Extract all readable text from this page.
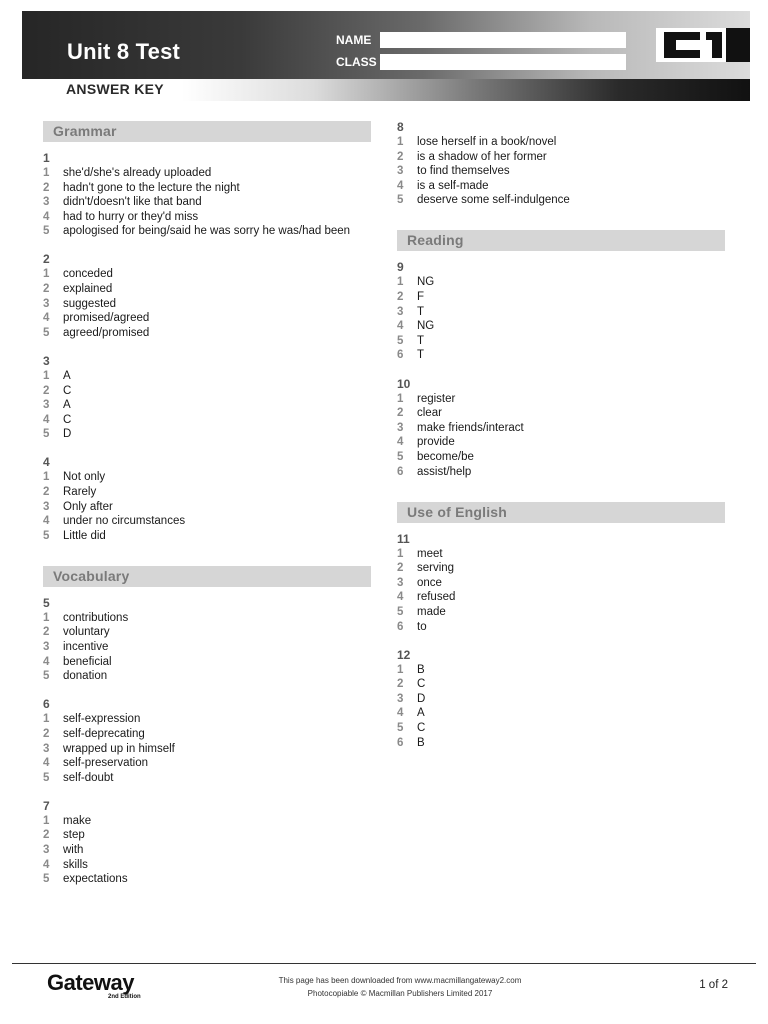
Unit 8 Test	NAME
CLASS	C1
ANSWER KEY
Grammar
1
1	she'd/she's already uploaded
2	hadn't gone to the lecture the night
3	didn't/doesn't like that band
4	had to hurry or they'd miss
5	apologised for being/said he was sorry he was/had been
2
1	conceded
2	explained
3	suggested
4	promised/agreed
5	agreed/promised
3
1	A
2	C
3	A
4	C
5	D
4
1	Not only
2	Rarely
3	Only after
4	under no circumstances
5	Little did
Vocabulary
5
1	contributions
2	voluntary
3	incentive
4	beneficial
5	donation
6
1	self-expression
2	self-deprecating
3	wrapped up in himself
4	self-preservation
5	self-doubt
7
1	make
2	step
3	with
4	skills
5	expectations
8
1	lose herself in a book/novel
2	is a shadow of her former
3	to find themselves
4	is a self-made
5	deserve some self-indulgence
Reading
9
1	NG
2	F
3	T
4	NG
5	T
6	T
10
1	register
2	clear
3	make friends/interact
4	provide
5	become/be
6	assist/help
Use of English
11
1	meet
2	serving
3	once
4	refused
5	made
6	to
12
1	B
2	C
3	D
4	A
5	C
6	B
Gateway
2nd Edition
This page has been downloaded from www.macmillangateway2.com
Photocopiable © Macmillan Publishers Limited 2017
1 of 2
